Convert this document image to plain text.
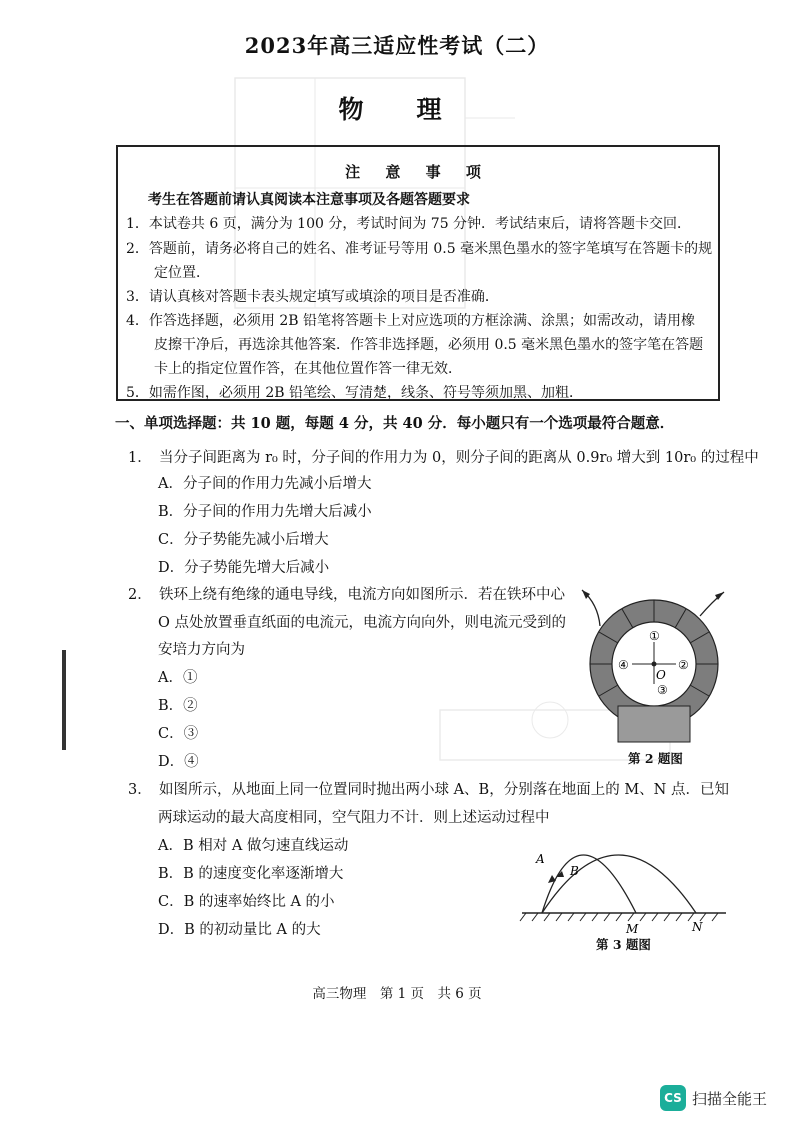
2023年高三适应性考试（二）
物　理
注 意 事 项
考生在答题前请认真阅读本注意事项及各题答题要求
1．本试卷共 6 页，满分为 100 分，考试时间为 75 分钟．考试结束后，请将答题卡交回．
2．答题前，请务必将自己的姓名、准考证号等用 0.5 毫米黑色墨水的签字笔填写在答题卡的规
　　定位置．
3．请认真核对答题卡表头规定填写或填涂的项目是否准确．
4．作答选择题，必须用 2B 铅笔将答题卡上对应选项的方框涂满、涂黑；如需改动，请用橡
　　皮擦干净后，再选涂其他答案．作答非选择题，必须用 0.5 毫米黑色墨水的签字笔在答题
　　卡上的指定位置作答，在其他位置作答一律无效．
5．如需作图，必须用 2B 铅笔绘、写清楚，线条、符号等须加黑、加粗．
一、单项选择题：共 10 题，每题 4 分，共 40 分．每小题只有一个选项最符合题意．
1．　当分子间距离为 r₀ 时，分子间的作用力为 0，则分子间的距离从 0.9r₀ 增大到 10r₀ 的过程中
A．分子间的作用力先减小后增大
B．分子间的作用力先增大后减小
C．分子势能先减小后增大
D．分子势能先增大后减小
2．　铁环上绕有绝缘的通电导线，电流方向如图所示．若在铁环中心
O 点处放置垂直纸面的电流元，电流方向向外，则电流元受到的
安培力方向为
A．①
B．②
C．③
D．④
①
②
③
④
O
第 2 题图
3．　如图所示，从地面上同一位置同时抛出两小球 A、B，分别落在地面上的 M、N 点．已知
两球运动的最大高度相同，空气阻力不计．则上述运动过程中
A．B 相对 A 做匀速直线运动
B．B 的速度变化率逐渐增大
C．B 的速率始终比 A 的小
D．B 的初动量比 A 的大
A
B
M	N
第 3 题图
高三物理　第 1 页　共 6 页
CS 扫描全能王
